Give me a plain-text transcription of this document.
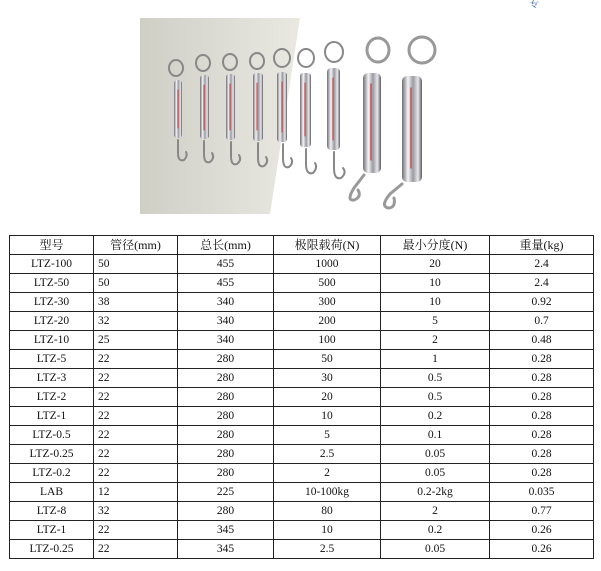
专
型号	管径(mm)	总长(mm)	极限载荷(N)	最小分度(N)	重量(kg)
LTZ-100	50	455	1000	20	2.4
LTZ-50	50	455	500	10	2.4
LTZ-30	38	340	300	10	0.92
LTZ-20	32	340	200	5	0.7
LTZ-10	25	340	100	2	0.48
LTZ-5	22	280	50	1	0.28
LTZ-3	22	280	30	0.5	0.28
LTZ-2	22	280	20	0.5	0.28
LTZ-1	22	280	10	0.2	0.28
LTZ-0.5	22	280	5	0.1	0.28
LTZ-0.25	22	280	2.5	0.05	0.28
LTZ-0.2	22	280	2	0.05	0.28
LAB	12	225	10-100kg	0.2-2kg	0.035
LTZ-8	32	280	80	2	0.77
LTZ-1	22	345	10	0.2	0.26
LTZ-0.25	22	345	2.5	0.05	0.26
